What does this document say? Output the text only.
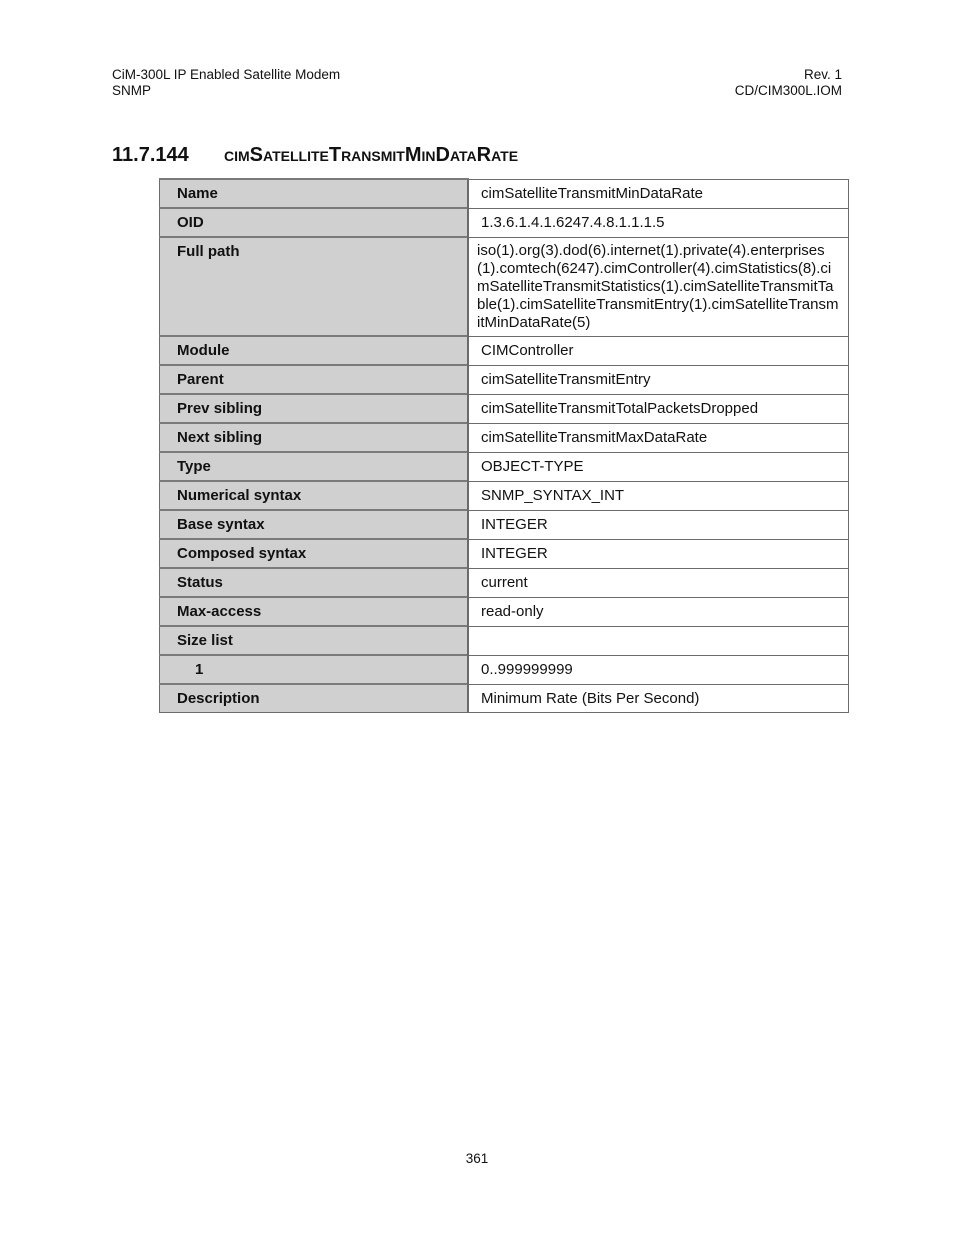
CiM-300L IP Enabled Satellite Modem
SNMP
Rev. 1
CD/CIM300L.IOM
11.7.144 cimSatelliteTransmitMinDataRate
Name	cimSatelliteTransmitMinDataRate
OID	1.3.6.1.4.1.6247.4.8.1.1.1.5
Full path	iso(1).org(3).dod(6).internet(1).private(4).enterprises(1).comtech(6247).cimController(4).cimStatistics(8).cimSatelliteTransmitStatistics(1).cimSatelliteTransmitTable(1).cimSatelliteTransmitEntry(1).cimSatelliteTransmitMinDataRate(5)
Module	CIMController
Parent	cimSatelliteTransmitEntry
Prev sibling	cimSatelliteTransmitTotalPacketsDropped
Next sibling	cimSatelliteTransmitMaxDataRate
Type	OBJECT-TYPE
Numerical syntax	SNMP_SYNTAX_INT
Base syntax	INTEGER
Composed syntax	INTEGER
Status	current
Max-access	read-only
Size list	
1	0..999999999
Description	Minimum Rate (Bits Per Second)
361
